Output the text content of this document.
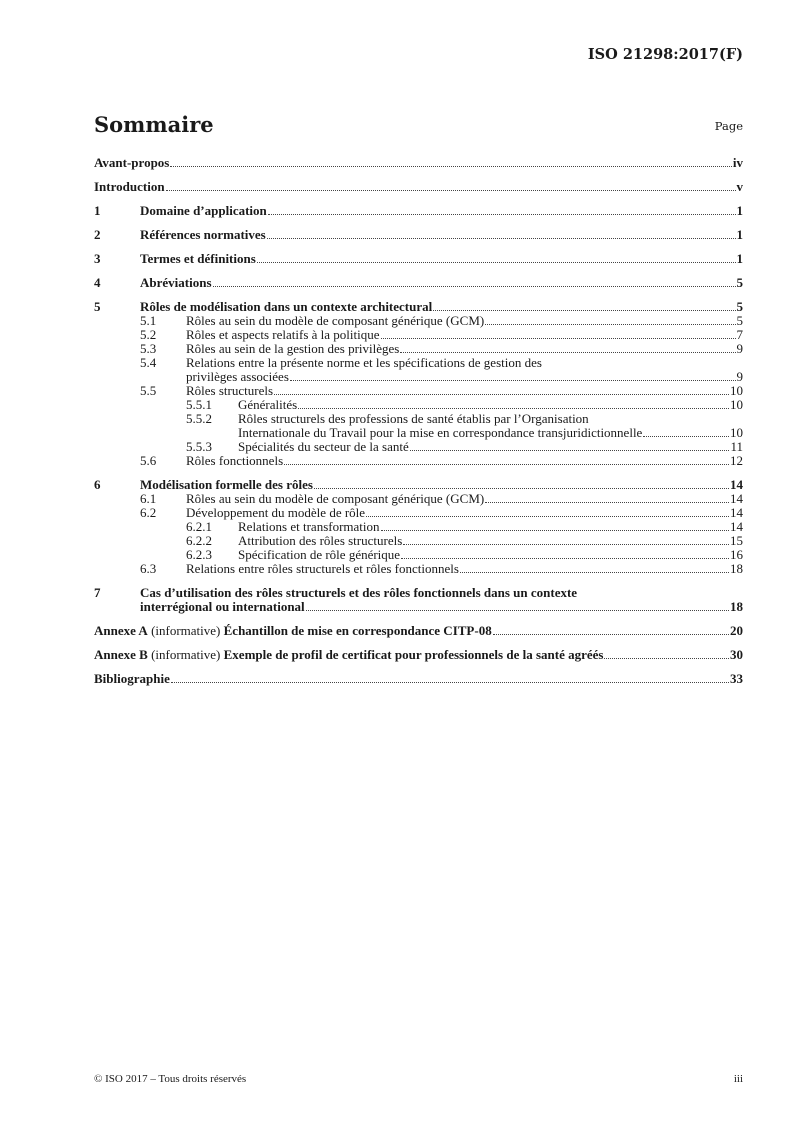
ISO 21298:2017(F)
Sommaire	Page
Avant-propos	iv
Introduction	v
1	Domaine d’application	1
2	Références normatives	1
3	Termes et définitions	1
4	Abréviations	5
5	Rôles de modélisation dans un contexte architectural	5
5.1 Rôles au sein du modèle de composant générique (GCM)	5
5.2 Rôles et aspects relatifs à la politique	7
5.3 Rôles au sein de la gestion des privilèges	9
5.4 Relations entre la présente norme et les spécifications de gestion des
privilèges associées	9
5.5 Rôles structurels	10
5.5.1 Généralités	10
5.5.2 Rôles structurels des professions de santé établis par l’Organisation
Internationale du Travail pour la mise en correspondance transjuridictionnelle	10
5.5.3 Spécialités du secteur de la santé	11
5.6 Rôles fonctionnels	12
6	Modélisation formelle des rôles	14
6.1 Rôles au sein du modèle de composant générique (GCM)	14
6.2 Développement du modèle de rôle	14
6.2.1 Relations et transformation	14
6.2.2 Attribution des rôles structurels	15
6.2.3 Spécification de rôle générique	16
6.3 Relations entre rôles structurels et rôles fonctionnels	18
7	Cas d’utilisation des rôles structurels et des rôles fonctionnels dans un contexte
interrégional ou international	18
Annexe A (informative) Échantillon de mise en correspondance CITP-08	20
Annexe B (informative) Exemple de profil de certificat pour professionnels de la santé agréés	30
Bibliographie	33
© ISO 2017 – Tous droits réservés	iii
